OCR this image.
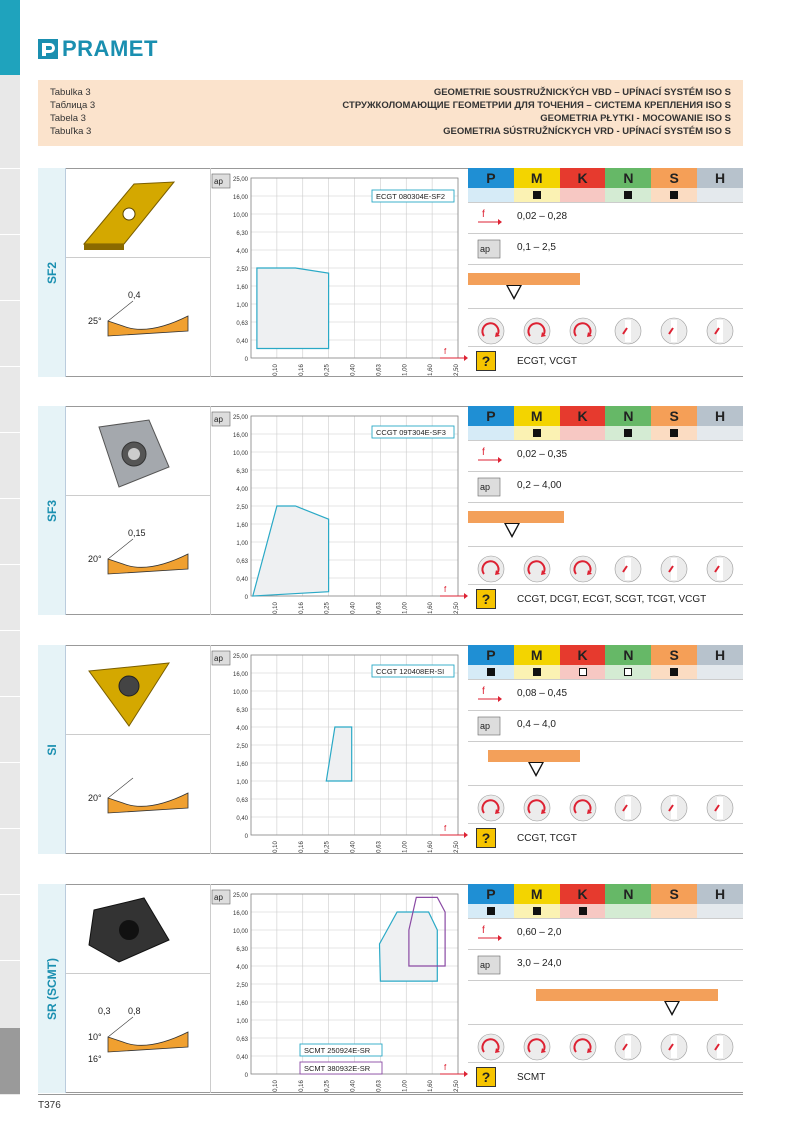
PRAMET
Tabulka 3
Таблица 3
Tabela 3
Tabuľka 3
GEOMETRIE SOUSTRUŽNICKÝCH VBD – UPÍNACÍ SYSTÉM ISO S
СТРУЖКОЛОМАЮЩИЕ ГЕОМЕТРИИ ДЛЯ ТОЧЕНИЯ – СИСТЕМА КРЕПЛЕНИЯ ISO S
GEOMETRIA PŁYTKI - MOCOWANIE ISO S
GEOMETRIA SÚSTRUŽNÍCKYCH VRD - UPÍNACÍ SYSTÉM ISO S
SF2
25°
0,4
ap
0
0,40
0,63
1,00
1,60
2,50
4,00
6,30
10,00
16,00
25,00
0,10	0,16	0,25	0,40	0,63	1,00	1,60	2,50
ECGT 080304E-SF2
f
P	M	K	N	S	H
f	0,02 – 0,28
ap	0,1 – 2,5
?	ECGT, VCGT
SF3
20°
0,15
ap
0
0,40
0,63
1,00
1,60
2,50
4,00
6,30
10,00
16,00
25,00
0,10	0,16	0,25	0,40	0,63	1,00	1,60	2,50
CCGT 09T304E-SF3
f
P	M	K	N	S	H
f	0,02 – 0,35
ap	0,2 – 4,00
?	CCGT, DCGT, ECGT, SCGT, TCGT, VCGT
SI
20°
ap
0
0,40
0,63
1,00
1,60
2,50
4,00
6,30
10,00
16,00
25,00
0,10	0,16	0,25	0,40	0,63	1,00	1,60	2,50
CCGT 120408ER-SI
f
P	M	K	N	S	H
f	0,08 – 0,45
ap	0,4 – 4,0
?	CCGT, TCGT
SR (SCMT)
10°
0,8
16°
0,3
ap
0
0,40
0,63
1,00
1,60
2,50
4,00
6,30
10,00
16,00
25,00
0,10	0,16	0,25	0,40	0,63	1,00	1,60	2,50
SCMT 250924E-SR
SCMT 380932E-SR	f
P	M	K	N	S	H
f	0,60 – 2,0
ap	3,0 – 24,0
?	SCMT
T376
